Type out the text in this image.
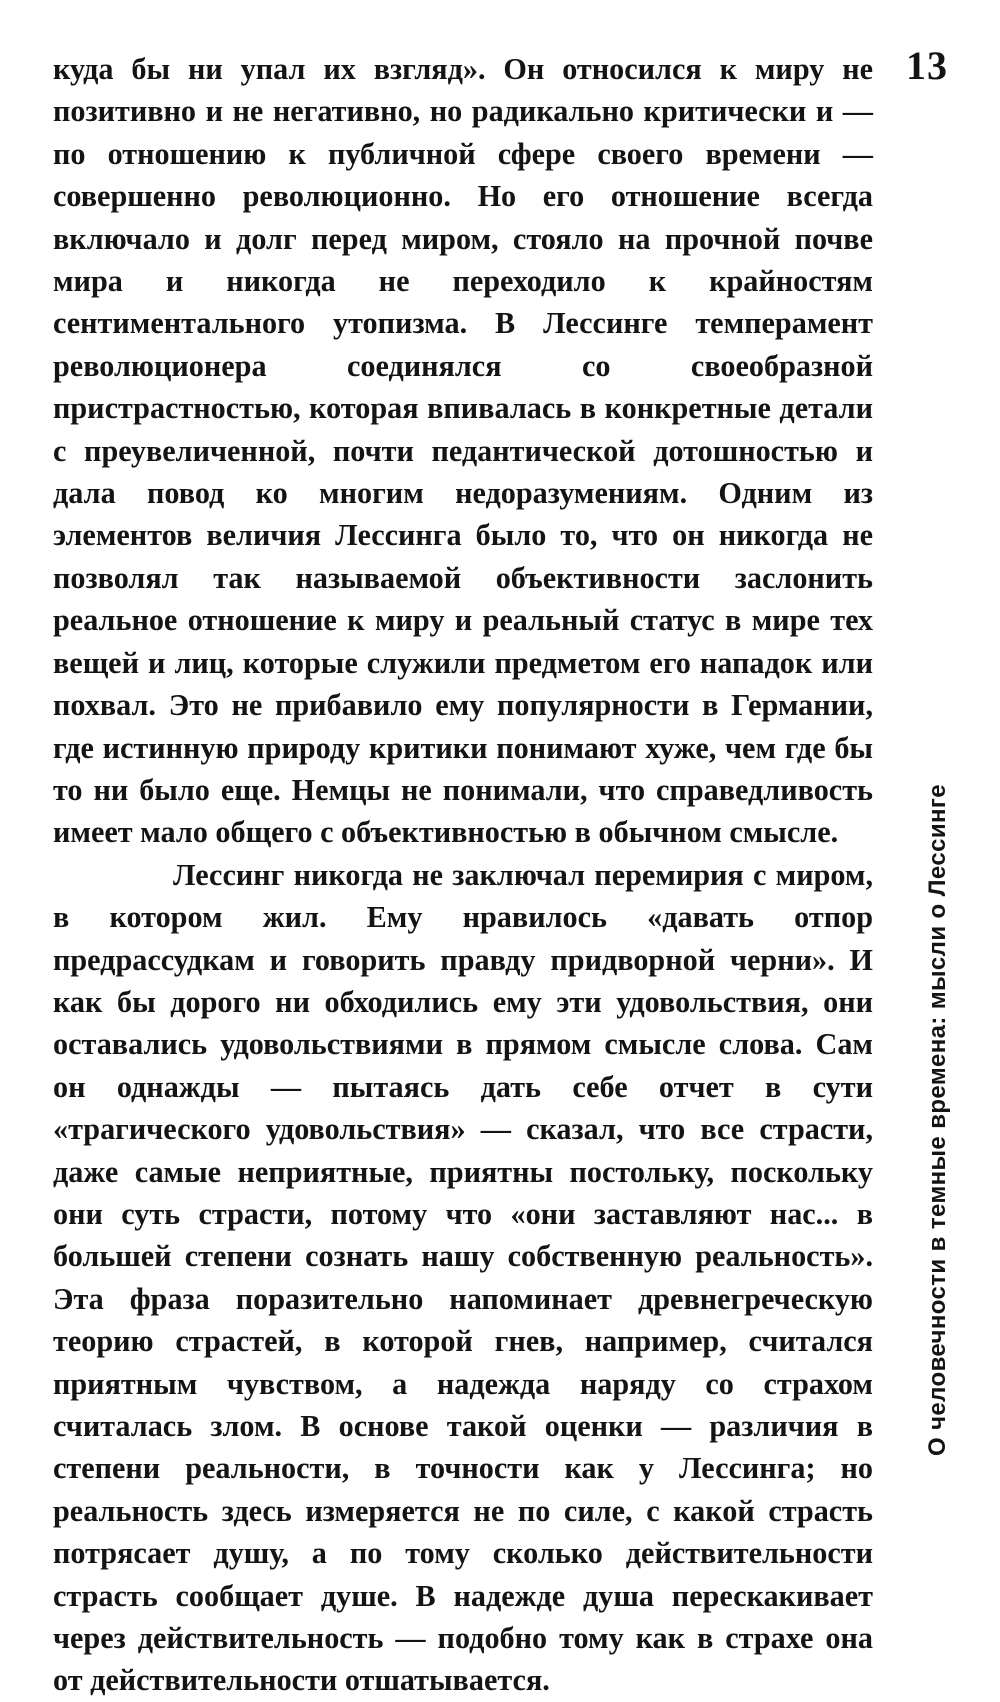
13

куда бы ни упал их взгляд». Он относился к миру не позитивно и не негативно, но радикально критически и — по отношению к публичной сфере своего времени — совершенно революционно. Но его отношение всегда включало и долг перед миром, стояло на прочной почве мира и никогда не переходило к крайностям сентиментального утопизма. В Лессинге темперамент революционера соединялся со своеобразной пристрастностью, которая впивалась в конкретные детали с преувеличенной, почти педантической дотошностью и дала повод ко многим недоразумениям. Одним из элементов величия Лессинга было то, что он никогда не позволял так называемой объективности заслонить реальное отношение к миру и реальный статус в мире тех вещей и лиц, которые служили предметом его нападок или похвал. Это не прибавило ему популярности в Германии, где истинную природу критики понимают хуже, чем где бы то ни было еще. Немцы не понимали, что справедливость имеет мало общего с объективностью в обычном смысле.

Лессинг никогда не заключал перемирия с миром, в котором жил. Ему нравилось «давать отпор предрассудкам и говорить правду придворной черни». И как бы дорого ни обходились ему эти удовольствия, они оставались удовольствиями в прямом смысле слова. Сам он однажды — пытаясь дать себе отчет в сути «трагического удовольствия» — сказал, что все страсти, даже самые неприятные, приятны постольку, поскольку они суть страсти, потому что «они заставляют нас... в большей степени сознать нашу собственную реальность». Эта фраза поразительно напоминает древнегреческую теорию страстей, в которой гнев, например, считался приятным чувством, а надежда наряду со страхом считалась злом. В основе такой оценки — различия в степени реальности, в точности как у Лессинга; но реальность здесь измеряется не по силе, с какой страсть потрясает душу, а по тому сколько действительности страсть сообщает душе. В надежде душа перескакивает через действительность — подобно тому как в страхе она от действительности отшатывается.

О человечности в темные времена: мысли о Лессинге
